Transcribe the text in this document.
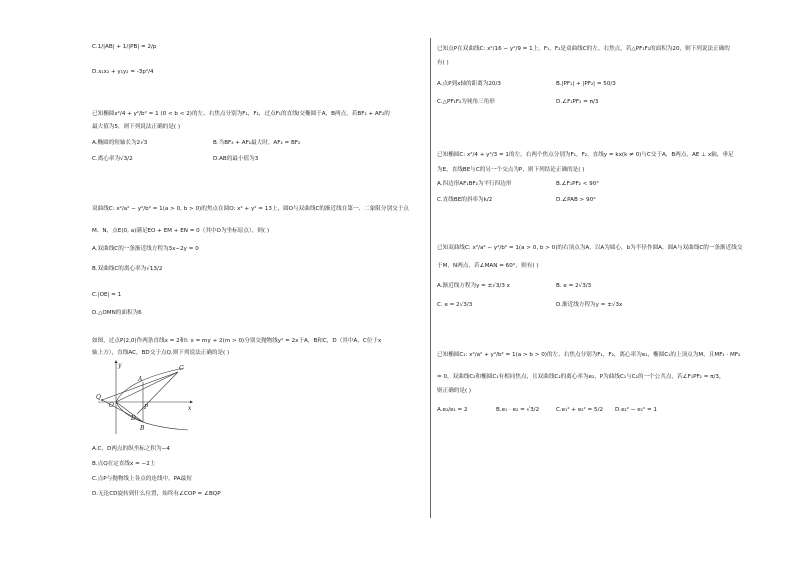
C.1/|AB| + 1/|PB| = 2/p
D.x₁x₂ + y₁y₂ = -3p²/4
已知椭圆x²/4 + y²/b² = 1 (0 < b < 2)的左、右焦点分别为F₁，F₂，过点F₁的直线l交椭圆于A，B两点，若BF₂ + AF₂的
最大值为5，则下列说法正确的是( )
A.椭圆的短轴长为2√3	B.当BF₂ + AF₂最大时，AF₂ = BF₂
C.离心率为√3/2	D.AB的最小值为3
双曲线C: x²/a² − y²/b² = 1(a > 0, b > 0)的焦点在圆O: x² + y² = 13上，圆O与双曲线C的渐近线在第一、二象限分别交于点
M、N，点E(0, a)满足EO + EM + EN = 0（其中O为坐标原点），则( )
A.双曲线C的一条渐近线方程为3x−2y = 0
B.双曲线C的离心率为√13/2
C.|OE| = 1
D.△OMN的面积为6
如图，过点P(2,0)作两条直线x = 2和l: x = my + 2(m > 0)分别交抛物线y² = 2x于A，B和C，D（其中A，C位于x
轴上方），直线AC，BD交于点Q.则下列说法正确的是( )
y
x
C
A
P
Q
O
D
B
A.C，D两点的纵坐标之积为−4
B.点Q在定直线x = −2上
C.点P与抛物线上各点的连线中，PA最短
D.无论CD旋转到什么位置，始终有∠COP = ∠BQP
已知点P在双曲线C: x²/16 − y²/9 = 1上，F₁，F₂是双曲线C的左、右焦点，若△PF₁F₂的面积为20，则下列说法正确的
有( )
A.点P到x轴的距离为20/3	B.|PF₁| + |PF₂| = 50/3
C.△PF₁F₂为钝角三角形	D.∠F₁PF₂ = π/3
已知椭圆C: x²/4 + y²/3 = 1的左，右两个焦点分别为F₁，F₂，直线y = kx(k ≠ 0)与C交于A，B两点，AE ⊥ x轴，垂足
为E，直线BE与C的另一个交点为P，则下列结论正确的是( )
A.四边形AF₁BF₂为平行四边形	B.∠F₁PF₂ < 90°
C.直线BE的斜率为k/2	D.∠PAB > 90°
已知双曲线C: x²/a² − y²/b² = 1(a > 0, b > 0)的右顶点为A，以A为圆心，b为半径作圆A，圆A与双曲线C的一条渐近线交
于M，N两点，若∠MAN = 60°，则有( )
A.渐近线方程为y = ±√3/3 x	B. e = 2√3/3
C. e = 2√3/3	D.渐近线方程为y = ±√3x
已知椭圆C₁: x²/a² + y²/b² = 1(a > b > 0)的左、右焦点分别为F₁，F₂，离心率为e₁，椭圆C₁的上顶点为M，且MF₁ · MF₂
= 0，双曲线C₂和椭圆C₁有相同焦点，且双曲线C₂的离心率为e₂，P为曲线C₁与C₂的一个公共点，若∠F₁PF₂ = π/3，
则正确的是( )
A.e₂/e₁ = 2	B.e₁ · e₂ = √3/2	C.e₁² + e₂² = 5/2 D.e₂² − e₁² = 1
